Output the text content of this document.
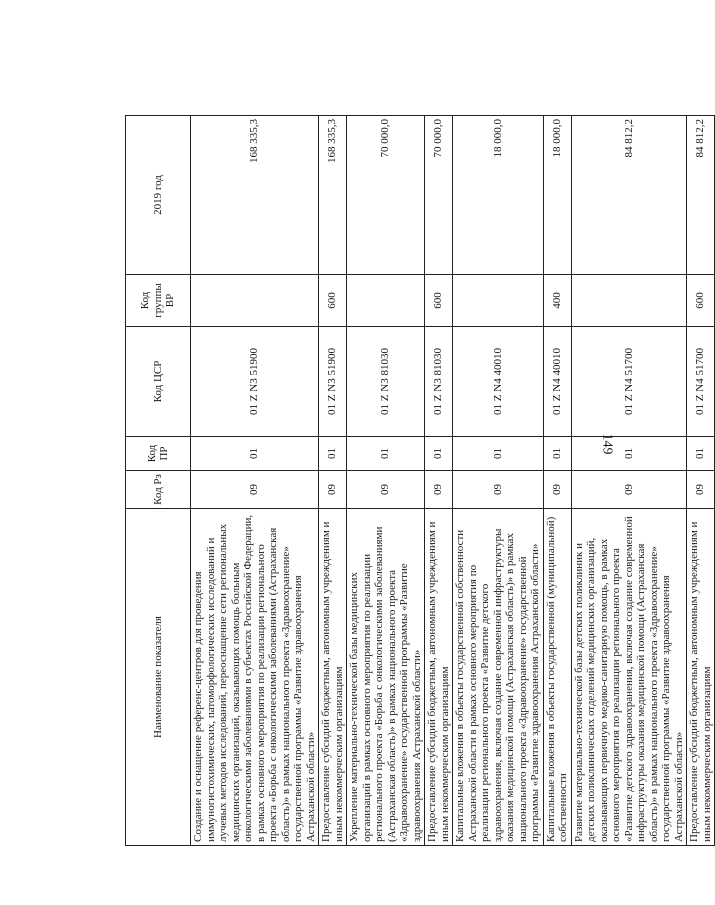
149
Наименование показателя	Код Рз	Код ПР	Код ЦСР	Код группы ВР	2019 год
Создание и оснащение референс-центров для проведения иммуногистохимических, патоморфологических исследований и лучевых методов исследований, переоснащение сети региональных медицинских организаций, оказывающих помощь больным онкологическими заболеваниями в субъектах Российской Федерации, в рамках основного мероприятия по реализации регионального проекта «Борьба с онкологическими заболеваниями (Астраханская область)» в рамках национального проекта «Здравоохранение» государственной программы «Развитие здравоохранения Астраханской области»	09	01	01 Z N3 51900		168 335,3
Предоставление субсидий бюджетным, автономным учреждениям и иным некоммерческим организациям	09	01	01 Z N3 51900	600	168 335,3
Укрепление материально-технической базы медицинских организаций в рамках основного мероприятия по реализации регионального проекта «Борьба с онкологическими заболеваниями (Астраханская область)» в рамках национального проекта «Здравоохранение» государственной программы «Развитие здравоохранения Астраханской области»	09	01	01 Z N3 81030		70 000,0
Предоставление субсидий бюджетным, автономным учреждениям и иным некоммерческим организациям	09	01	01 Z N3 81030	600	70 000,0
Капитальные вложения в объекты государственной собственности Астраханской области в рамках основного мероприятия по реализации регионального проекта «Развитие детского здравоохранения, включая создание современной инфраструктуры оказания медицинской помощи (Астраханская область)» в рамках национального проекта «Здравоохранение» государственной программы «Развитие здравоохранения Астраханской области»	09	01	01 Z N4 40010		18 000,0
Капитальные вложения в объекты государственной (муниципальной) собственности	09	01	01 Z N4 40010	400	18 000,0
Развитие материально-технической базы детских поликлиник и детских поликлинических отделений медицинских организаций, оказывающих первичную медико-санитарную помощь, в рамках основного мероприятия по реализации регионального проекта «Развитие детского здравоохранения, включая создание современной инфраструктуры оказания медицинской помощи (Астраханская область)» в рамках национального проекта «Здравоохранение» государственной программы «Развитие здравоохранения Астраханской области»	09	01	01 Z N4 51700		84 812,2
Предоставление субсидий бюджетным, автономным учреждениям и иным некоммерческим организациям	09	01	01 Z N4 51700	600	84 812,2
